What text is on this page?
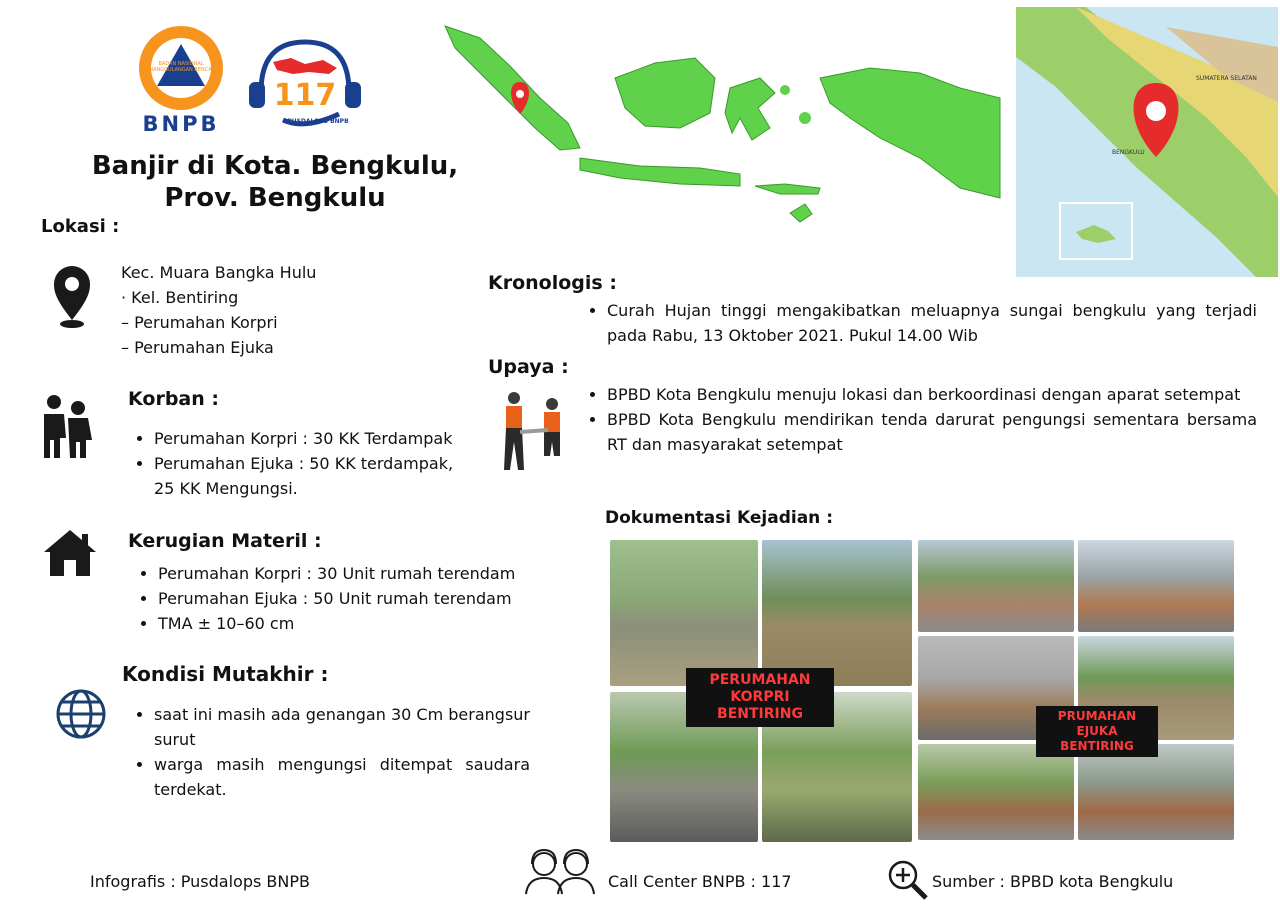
BNPB
BADAN NASIONAL PENANGGULANGAN BENCANA
117
PUSDALOPS BNPB
Banjir di Kota. Bengkulu,
Prov. Bengkulu
SUMATERA SELATAN
BENGKULU
Lokasi :
Kec. Muara Bangka Hulu
· Kel. Bentiring
– Perumahan Korpri
– Perumahan Ejuka
Korban :
• Perumahan Korpri : 30 KK Terdampak
• Perumahan Ejuka : 50 KK terdampak, 25 KK Mengungsi.
Kerugian Materil :
• Perumahan Korpri : 30 Unit rumah terendam
• Perumahan Ejuka : 50 Unit rumah terendam
• TMA ± 10–60 cm
Kondisi Mutakhir :
• saat ini masih ada genangan 30 Cm berangsur surut
• warga masih mengungsi ditempat saudara terdekat.
Kronologis :
• Curah Hujan tinggi mengakibatkan meluapnya sungai bengkulu yang terjadi pada Rabu, 13 Oktober 2021. Pukul 14.00 Wib
Upaya :
• BPBD Kota Bengkulu menuju lokasi dan berkoordinasi dengan aparat setempat
• BPBD Kota Bengkulu mendirikan tenda darurat pengungsi sementara bersama RT dan masyarakat setempat
Dokumentasi Kejadian :
PERUMAHAN KORPRI
BENTIRING	PRUMAHAN EJUKA
BENTIRING
Infografis : Pusdalops BNPB	Call Center BNPB : 117	Sumber : BPBD kota Bengkulu
